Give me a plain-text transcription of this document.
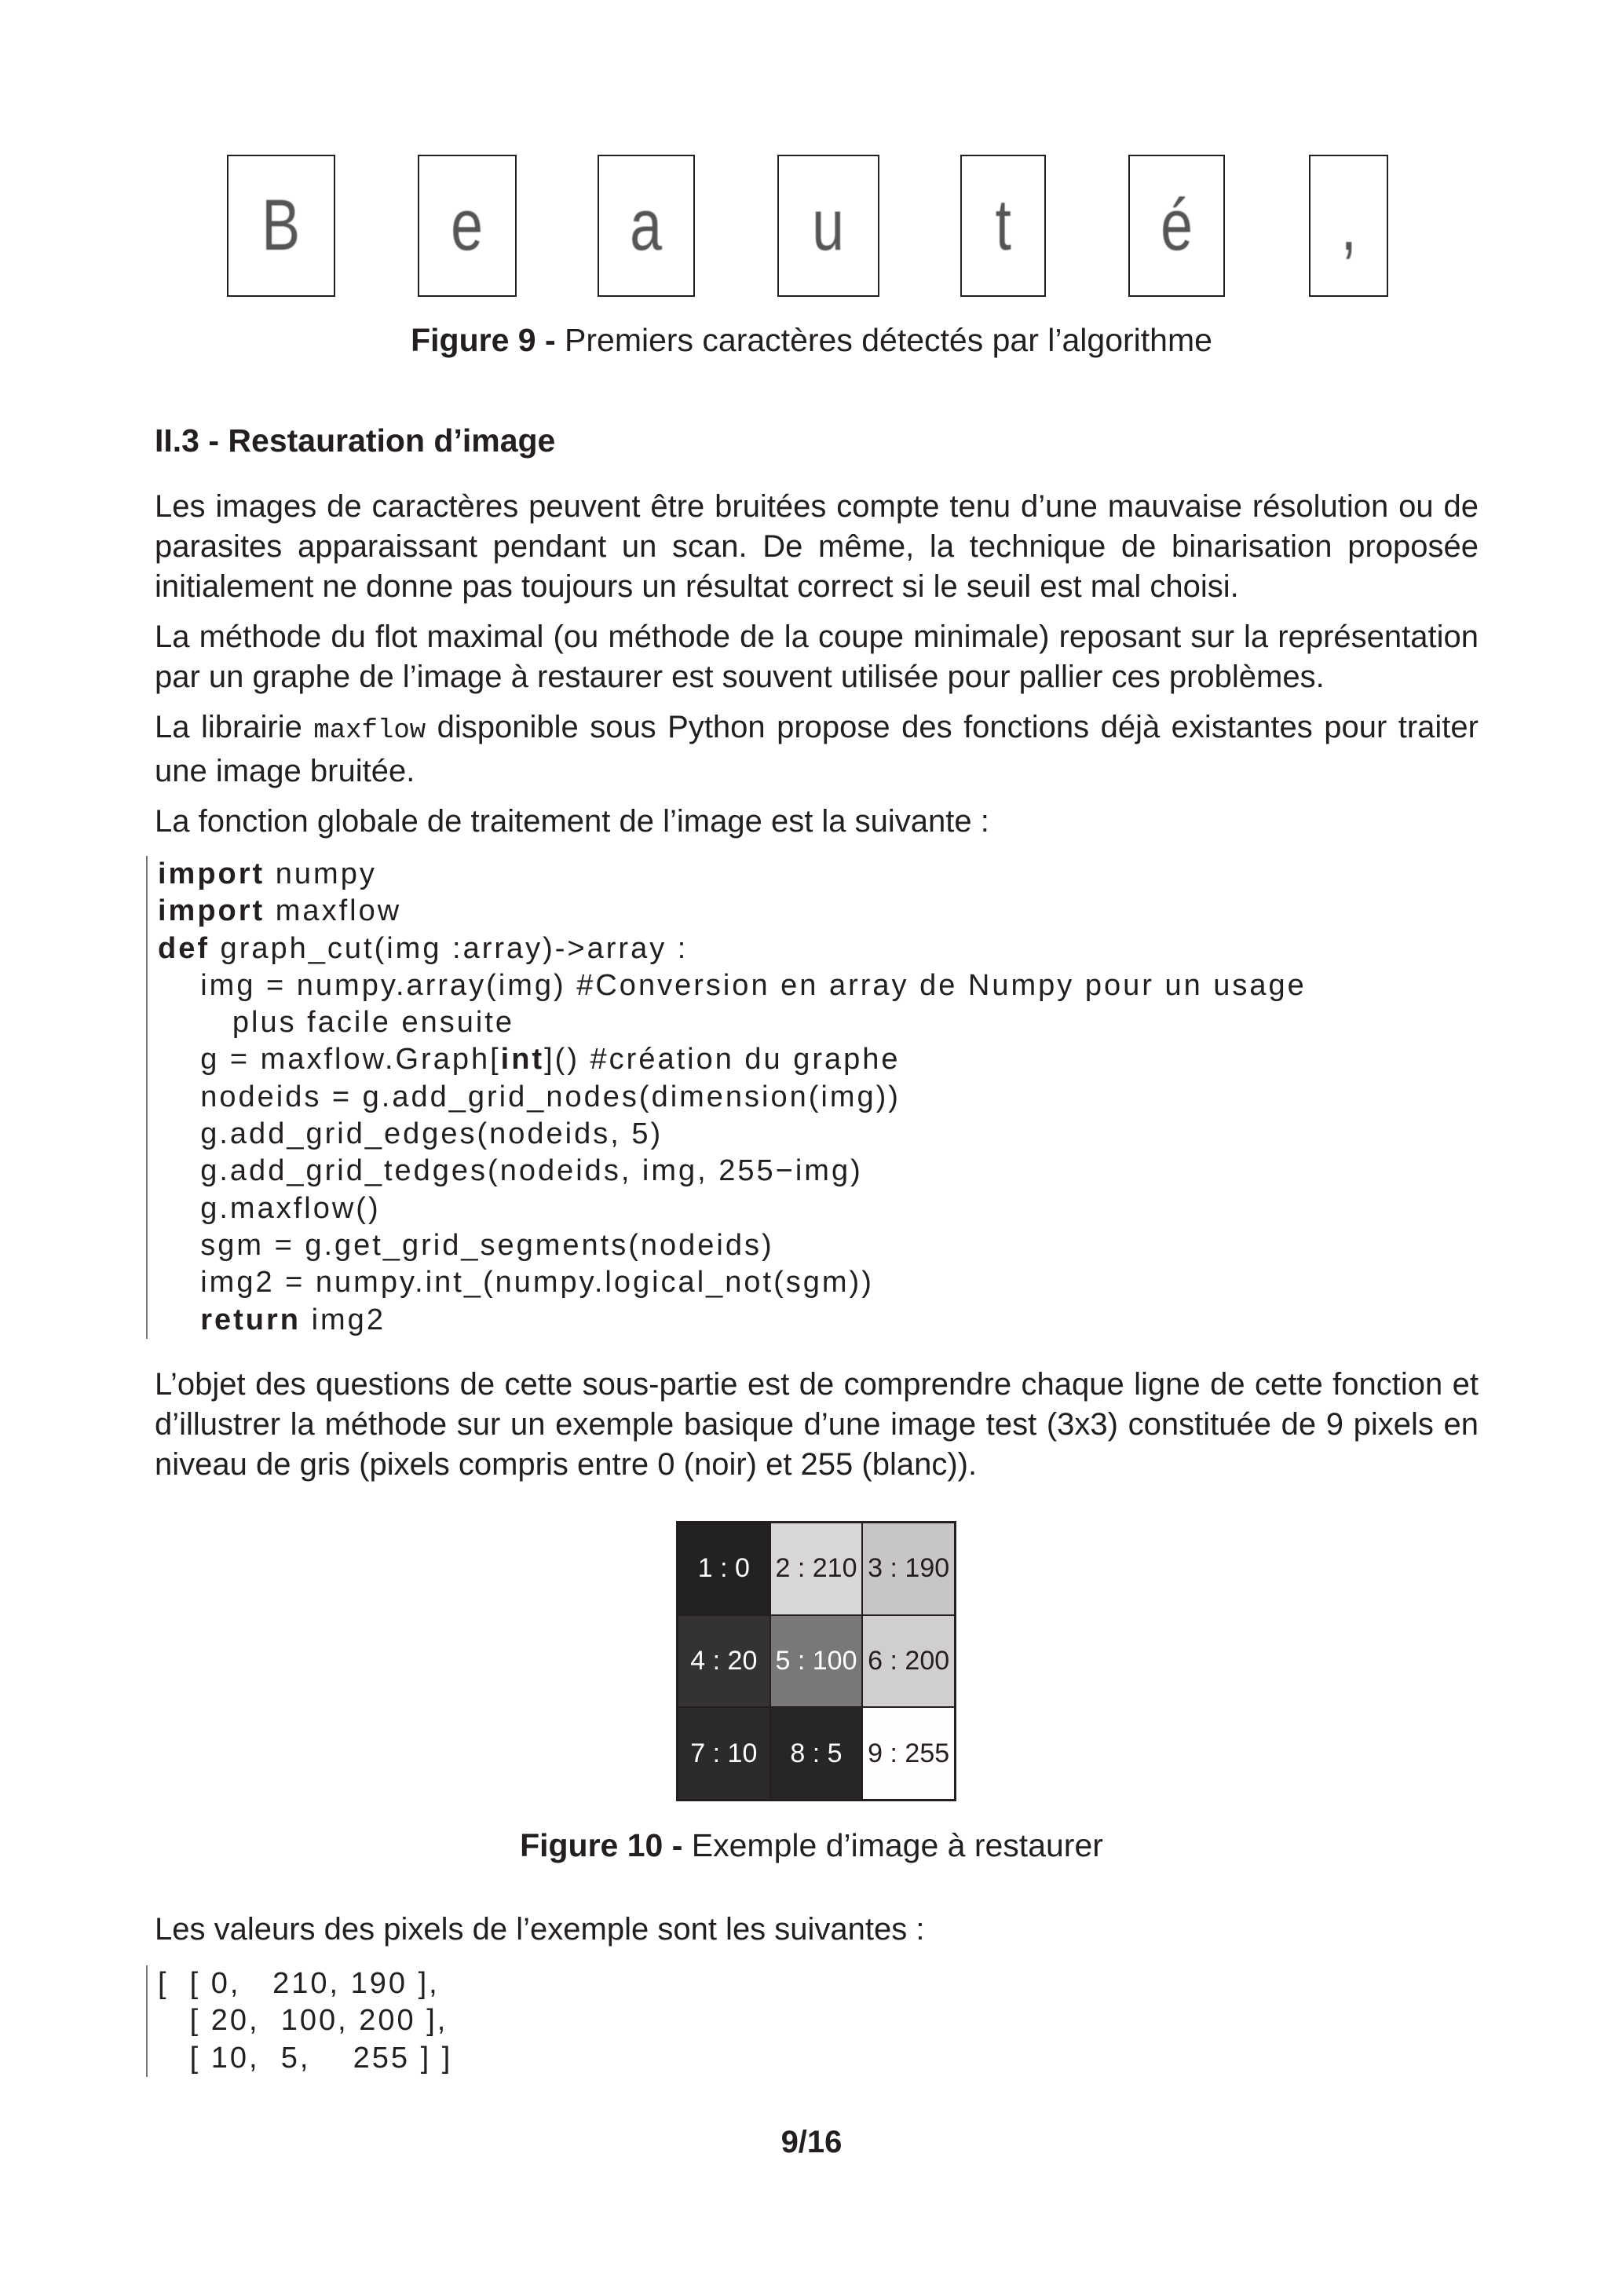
B e a u t é ,
Figure 9 - Premiers caractères détectés par l’algorithme
II.3 - Restauration d’image

Les images de caractères peuvent être bruitées compte tenu d’une mauvaise résolution ou de parasites apparaissant pendant un scan. De même, la technique de binarisation proposée initialement ne donne pas toujours un résultat correct si le seuil est mal choisi.

La méthode du flot maximal (ou méthode de la coupe minimale) reposant sur la représentation par un graphe de l’image à restaurer est souvent utilisée pour pallier ces problèmes.

La librairie maxflow disponible sous Python propose des fonctions déjà existantes pour traiter une image bruitée.

La fonction globale de traitement de l’image est la suivante :

import numpy
import maxflow
def graph_cut(img :array)->array :
img = numpy.array(img) #Conversion en array de Numpy pour un usage
plus facile ensuite
g = maxflow.Graph[int]() #création du graphe
nodeids = g.add_grid_nodes(dimension(img))
g.add_grid_edges(nodeids, 5)
g.add_grid_tedges(nodeids, img, 255−img)
g.maxflow()
sgm = g.get_grid_segments(nodeids)
img2 = numpy.int_(numpy.logical_not(sgm))
return img2
L’objet des questions de cette sous-partie est de comprendre chaque ligne de cette fonction et d’illustrer la méthode sur un exemple basique d’une image test (3x3) constituée de 9 pixels en niveau de gris (pixels compris entre 0 (noir) et 255 (blanc)).
1 : 0 2 : 210 3 : 190
4 : 20 5 : 100 6 : 200
7 : 10	8 : 5 9 : 255
Figure 10 - Exemple d’image à restaurer
Les valeurs des pixels de l’exemple sont les suivantes :
[  [ 0,   210, 190 ],
[ 20,  100, 200 ],
[ 10,  5,    255 ] ]
9/16
